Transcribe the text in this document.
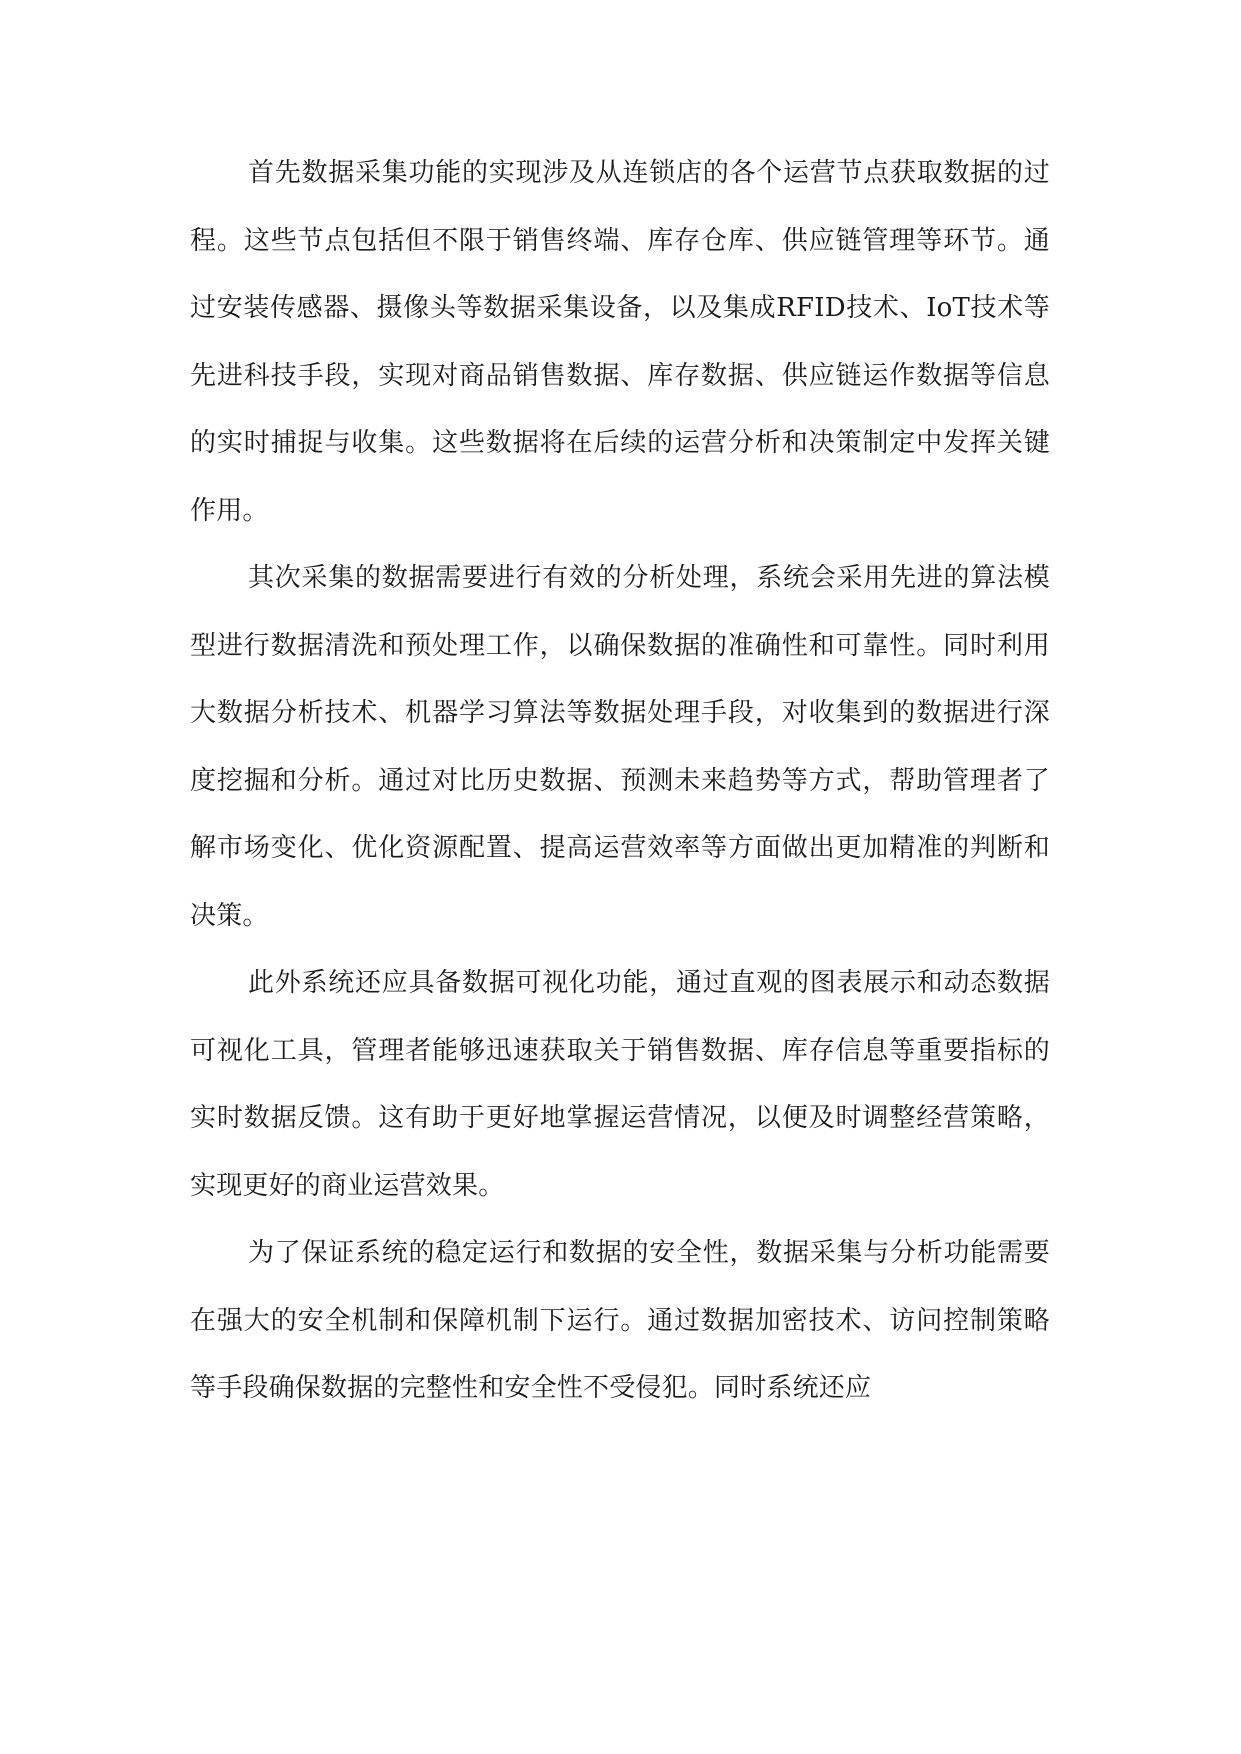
首先数据采集功能的实现涉及从连锁店的各个运营节点获取数据的过程。这些节点包括但不限于销售终端、库存仓库、供应链管理等环节。通过安装传感器、摄像头等数据采集设备，以及集成RFID技术、IoT技术等先进科技手段，实现对商品销售数据、库存数据、供应链运作数据等信息的实时捕捉与收集。这些数据将在后续的运营分析和决策制定中发挥关键作用。

其次采集的数据需要进行有效的分析处理，系统会采用先进的算法模型进行数据清洗和预处理工作，以确保数据的准确性和可靠性。同时利用大数据分析技术、机器学习算法等数据处理手段，对收集到的数据进行深度挖掘和分析。通过对比历史数据、预测未来趋势等方式，帮助管理者了解市场变化、优化资源配置、提高运营效率等方面做出更加精准的判断和决策。

此外系统还应具备数据可视化功能，通过直观的图表展示和动态数据可视化工具，管理者能够迅速获取关于销售数据、库存信息等重要指标的实时数据反馈。这有助于更好地掌握运营情况，以便及时调整经营策略，实现更好的商业运营效果。

为了保证系统的稳定运行和数据的安全性，数据采集与分析功能需要在强大的安全机制和保障机制下运行。通过数据加密技术、访问控制策略等手段确保数据的完整性和安全性不受侵犯。同时系统还应
